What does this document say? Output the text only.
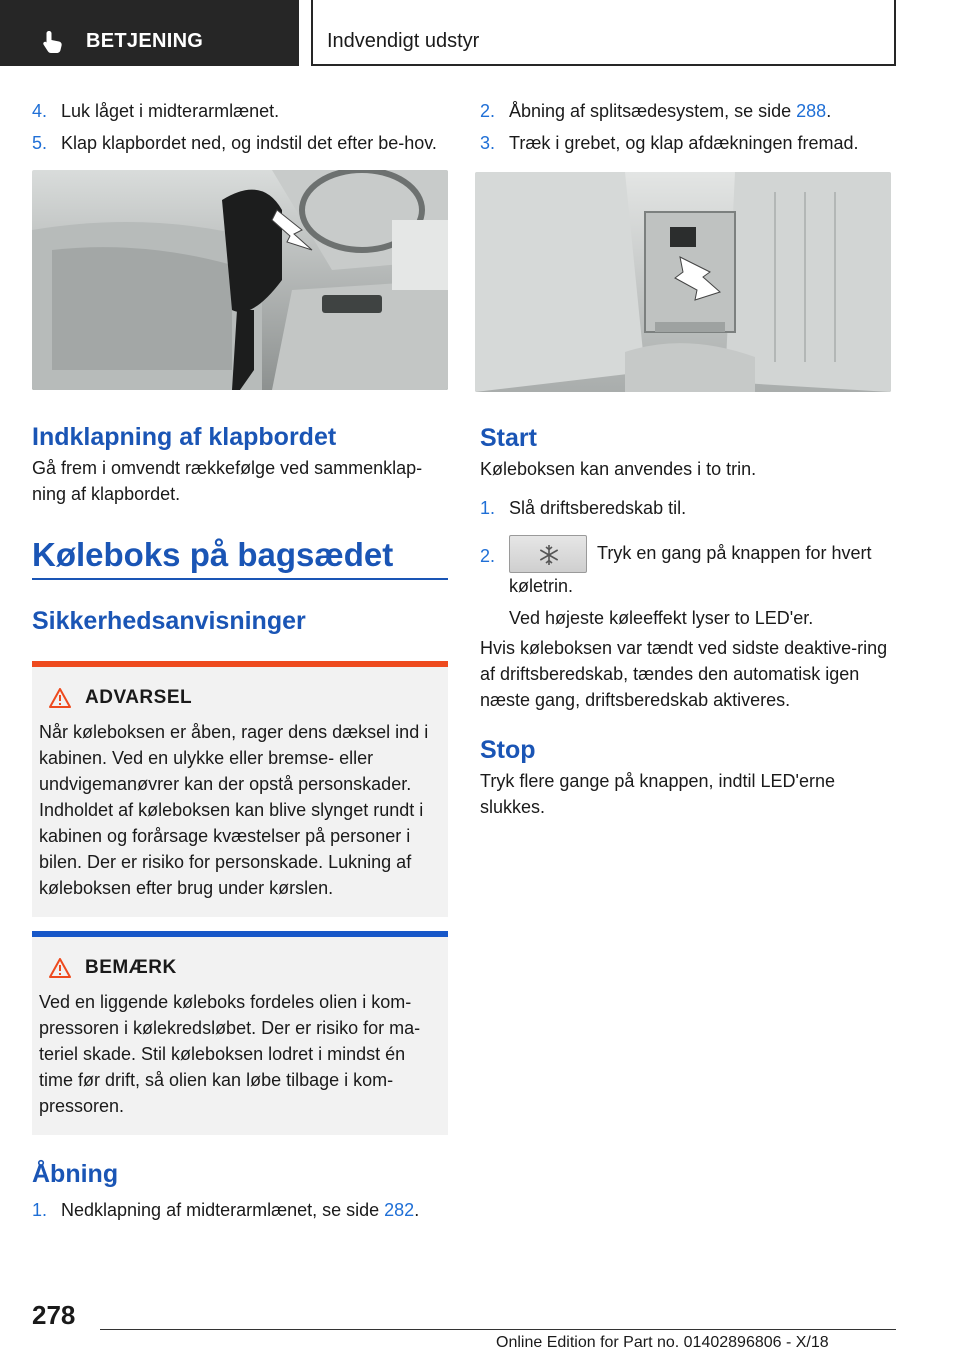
BETJENING	Indvendigt udstyr
4. Luk låget i midterarmlænet.
5. Klap klapbordet ned, og indstil det efter be‐hov.
Indklapning af klapbordet

Gå frem i omvendt rækkefølge ved sammenklap‐ning af klapbordet.

Køleboks på bagsædet
Sikkerhedsanvisninger
ADVARSEL

Når køleboksen er åben, rager dens dæksel ind i kabinen. Ved en ulykke eller bremse- eller undvigemanøvrer kan der opstå personskader. Indholdet af køleboksen kan blive slynget rundt i kabinen og forårsage kvæstelser på personer i bilen. Der er risiko for personskade. Lukning af køleboksen efter brug under kørslen.

BEMÆRK

Ved en liggende køleboks fordeles olien i kom‐pressoren i kølekredsløbet. Der er risiko for ma‐teriel skade. Stil køleboksen lodret i mindst én time før drift, så olien kan løbe tilbage i kom‐pressoren.

Åbning
1. Nedklapning af midterarmlænet, se side 282.
2. Åbning af splitsædesystem, se side 288.
3. Træk i grebet, og klap afdækningen fremad.
Start

Køleboksen kan anvendes i to trin.

1. Slå driftsberedskab til.
2.	Tryk en gang på knappen for hvert køletrin.

Ved højeste køleeffekt lyser to LED'er.

Hvis køleboksen var tændt ved sidste deaktive‐ring af driftsberedskab, tændes den automatisk igen næste gang, driftsberedskab aktiveres.

Stop

Tryk flere gange på knappen, indtil LED'erne slukkes.

278
Online Edition for Part no. 01402896806 - X/18
